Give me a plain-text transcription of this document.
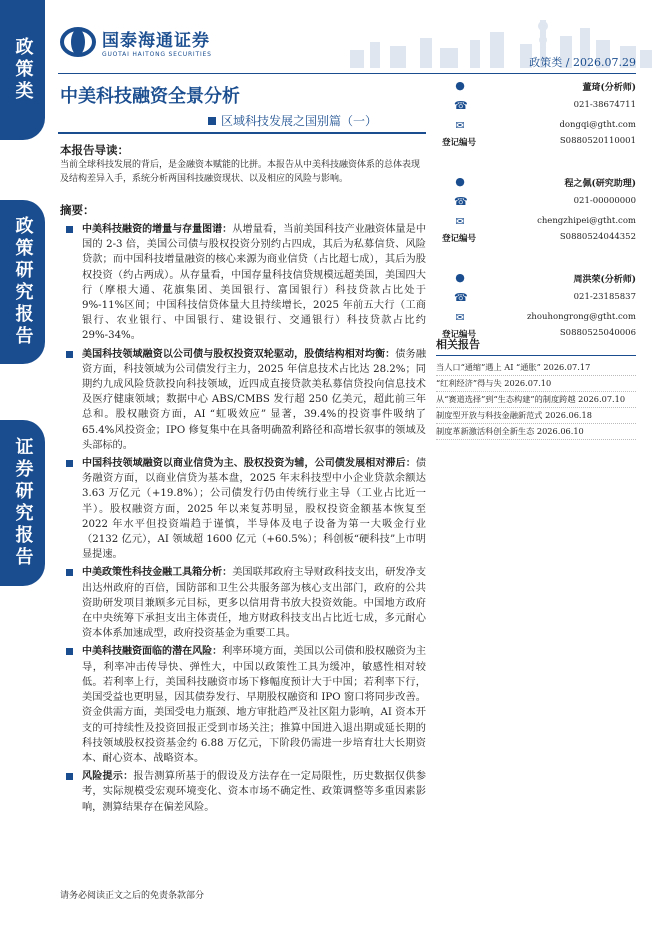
政策类
政策研究报告
证券研究报告
国泰海通证券
GUOTAI HAITONG SECURITIES
政策类 / 2026.07.29
中美科技融资全景分析
区域科技发展之国别篇（一）
本报告导读：
当前全球科技发展的背后，是金融资本赋能的比拼。本报告从中美科技融资体系的总体表现及结构差异入手，系统分析两国科技融资现状、以及相应的风险与影响。
摘要：
中美科技融资的增量与存量图谱：从增量看，当前美国科技产业融资体量是中国的 2-3 倍，美国公司债与股权投资分别约占四成，其后为私募信贷、风险贷款；而中国科技增量融资的核心来源为商业信贷（占比超七成），其后为股权投资（约占两成）。从存量看，中国存量科技信贷规模远超美国，美国四大行（摩根大通、花旗集团、美国银行、富国银行）科技贷款占比处于 9%-11%区间；中国科技信贷体量大且持续增长，2025 年前五大行（工商银行、农业银行、中国银行、建设银行、交通银行）科技贷款占比约 29%-34%。
美国科技领域融资以公司债与股权投资双轮驱动，股债结构相对均衡：债务融资方面，科技领域为公司债发行主力，2025 年信息技术占比达 28.2%；同期约九成风险贷款投向科技领域，近四成直接贷款美私募信贷投向信息技术及医疗健康领域；数据中心 ABS/CMBS 发行超 250 亿美元，超此前三年总和。股权融资方面，AI “虹吸效应” 显著，39.4%的投资事件吸纳了 65.4%风投资金；IPO 修复集中在具备明确盈利路径和高增长叙事的领域及头部标的。
中国科技领域融资以商业信贷为主、股权投资为辅，公司债发展相对滞后：债务融资方面，以商业信贷为基本盘，2025 年末科技型中小企业贷款余额达 3.63 万亿元（+19.8%）；公司债发行仍由传统行业主导（工业占比近一半）。股权融资方面，2025 年以来复苏明显，股权投资金额基本恢复至 2022 年水平但投资端趋于谨慎，半导体及电子设备为第一大吸金行业（2132 亿元），AI 领域超 1600 亿元（+60.5%）；科创板“硬科技”上市明显提速。
中美政策性科技金融工具箱分析：美国联邦政府主导财政科技支出，研发净支出达州政府的百倍，国防部和卫生公共服务部为核心支出部门，政府的公共资助研发项目兼顾多元目标，更多以信用背书放大投资效能。中国地方政府在中央统筹下承担支出主体责任，地方财政科技支出占比近七成，多元耐心资本体系加速成型，政府投资基金为重要工具。
中美科技融资面临的潜在风险：利率环境方面，美国以公司债和股权融资为主导，利率冲击传导快、弹性大，中国以政策性工具为缓冲，敏感性相对较低。若利率上行，美国科技融资市场下修幅度预计大于中国；若利率下行，美国受益也更明显，因其债券发行、早期股权融资和 IPO 窗口将同步改善。资金供需方面，美国受电力瓶颈、地方审批趋严及社区阻力影响，AI 资本开支的可持续性及投资回报正受到市场关注；推算中国进入退出期或延长期的科技领域股权投资基金约 6.88 万亿元，下阶段仍需进一步培育壮大长期资本、耐心资本、战略资本。
风险提示：报告测算所基于的假设及方法存在一定局限性，历史数据仅供参考，实际规模受宏观环境变化、资本市场不确定性、政策调整等多重因素影响，测算结果存在偏差风险。
●
☎
✉
董琦(分析师)
021-38674711
dongqi@gtht.com
登记编号	S0880520110001
●
☎
✉
程之佩(研究助理)
021-00000000
chengzhipei@gtht.com
登记编号	S0880524044352
●
☎
✉
周洪荣(分析师)
021-23185837
zhouhongrong@gtht.com
登记编号	S0880525040006
相关报告
当人口“通缩”遇上 AI “通胀” 2026.07.17
“红利经济”得与失 2026.07.10
从“赛道选择”到“生态构建”的制度跨越 2026.07.10
制度型开放与科技金融新范式 2026.06.18
制度革新激活科创全新生态 2026.06.10
请务必阅读正文之后的免责条款部分
